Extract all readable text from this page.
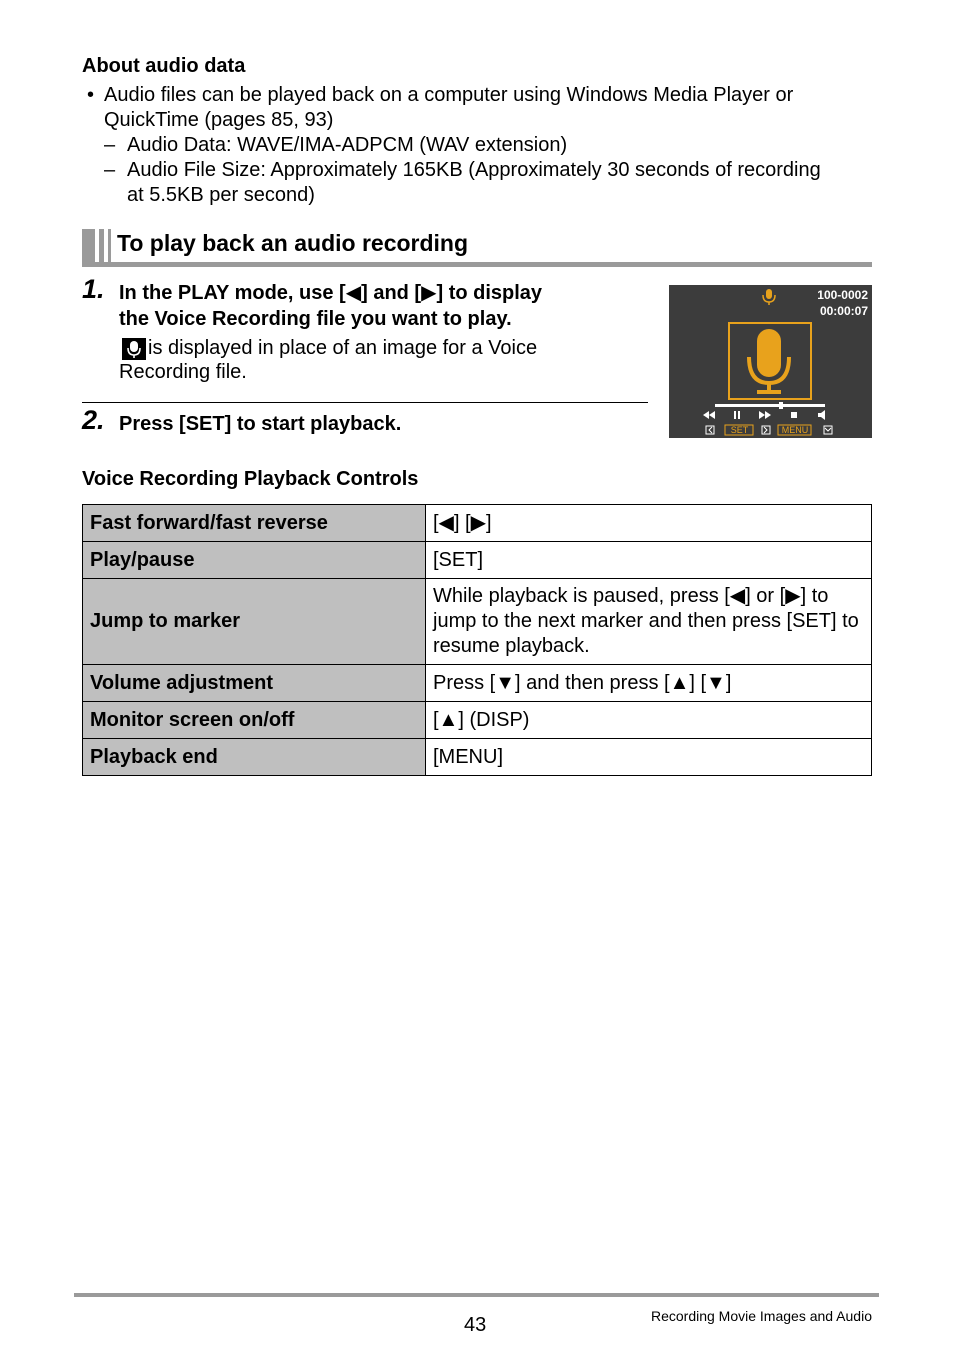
About audio data
• Audio files can be played back on a computer using Windows Media Player or
QuickTime (pages 85, 93)
– Audio Data: WAVE/IMA-ADPCM (WAV extension)
– Audio File Size: Approximately 165KB (Approximately 30 seconds of recording
at 5.5KB per second)
To play back an audio recording
1. In the PLAY mode, use [◀] and [▶] to display
the Voice Recording file you want to play.
is displayed in place of an image for a Voice
Recording file.
2. Press [SET] to start playback.
100-0002
00:00:07
SET	MENU
Voice Recording Playback Controls
Fast forward/fast reverse	[◀] [▶]
Play/pause	[SET]
Jump to marker	While playback is paused, press [◀] or [▶] to jump to the next marker and then press [SET] to resume playback.
Volume adjustment	Press [▼] and then press [▲] [▼]
Monitor screen on/off	[▲] (DISP)
Playback end	[MENU]
43	Recording Movie Images and Audio
